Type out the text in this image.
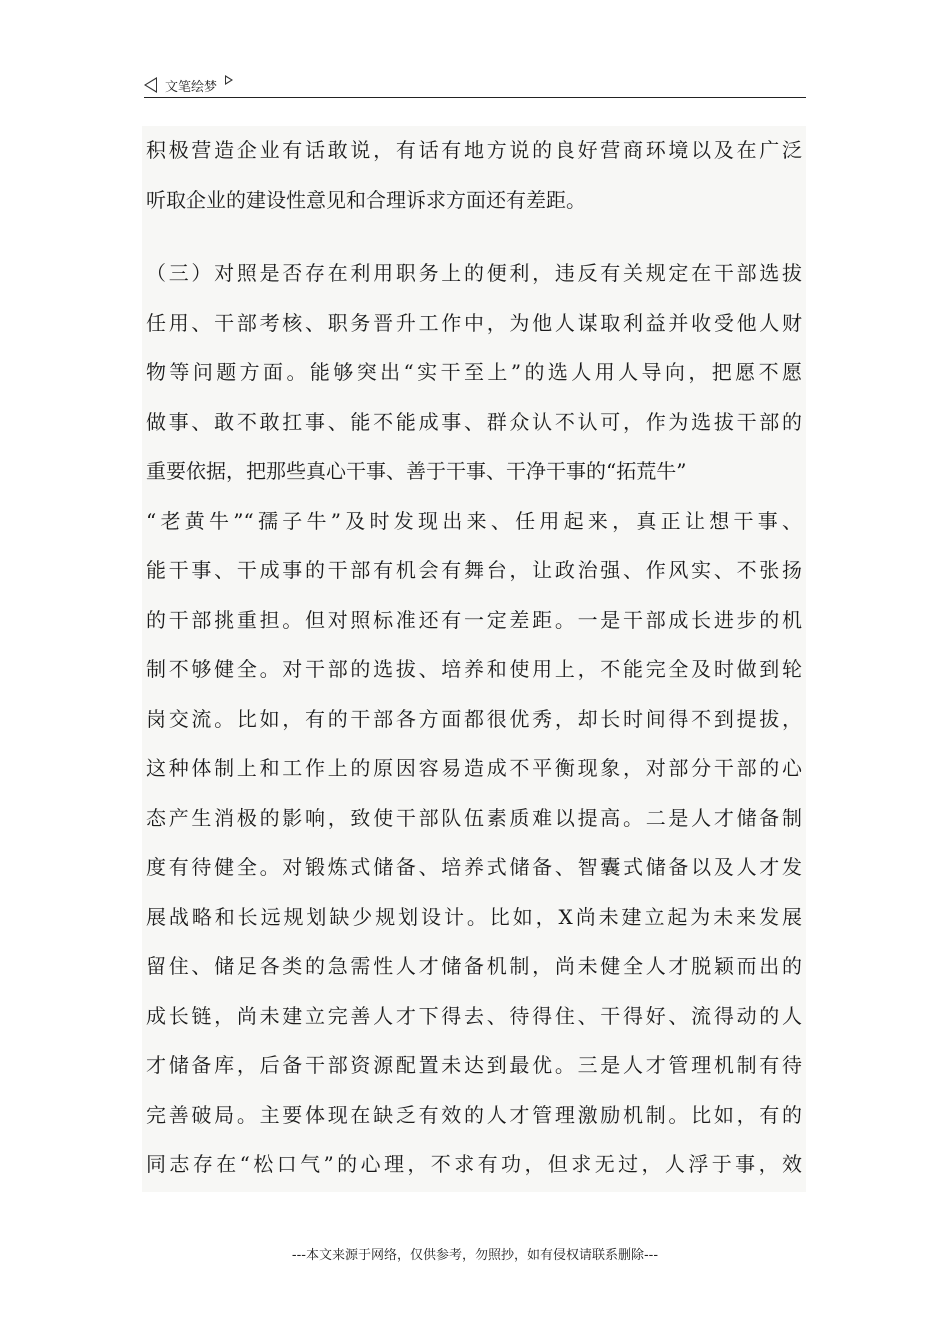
文笔绘梦
积极营造企业有话敢说，有话有地方说的良好营商环境以及在广泛
听取企业的建设性意见和合理诉求方面还有差距。
（三）对照是否存在利用职务上的便利，违反有关规定在干部选拔
任用、干部考核、职务晋升工作中，为他人谋取利益并收受他人财
物等问题方面。能够突出“实干至上”的选人用人导向，把愿不愿
做事、敢不敢扛事、能不能成事、群众认不认可，作为选拔干部的
重要依据，把那些真心干事、善于干事、干净干事的“拓荒牛”
“老黄牛”“孺子牛”及时发现出来、任用起来，真正让想干事、
能干事、干成事的干部有机会有舞台，让政治强、作风实、不张扬
的干部挑重担。但对照标准还有一定差距。一是干部成长进步的机
制不够健全。对干部的选拔、培养和使用上，不能完全及时做到轮
岗交流。比如，有的干部各方面都很优秀，却长时间得不到提拔，
这种体制上和工作上的原因容易造成不平衡现象，对部分干部的心
态产生消极的影响，致使干部队伍素质难以提高。二是人才储备制
度有待健全。对锻炼式储备、培养式储备、智囊式储备以及人才发
展战略和长远规划缺少规划设计。比如，X尚未建立起为未来发展
留住、储足各类的急需性人才储备机制，尚未健全人才脱颖而出的
成长链，尚未建立完善人才下得去、待得住、干得好、流得动的人
才储备库，后备干部资源配置未达到最优。三是人才管理机制有待
完善破局。主要体现在缺乏有效的人才管理激励机制。比如，有的
同志存在“松口气”的心理，不求有功，但求无过，人浮于事，效
---本文来源于网络，仅供参考，勿照抄，如有侵权请联系删除---
